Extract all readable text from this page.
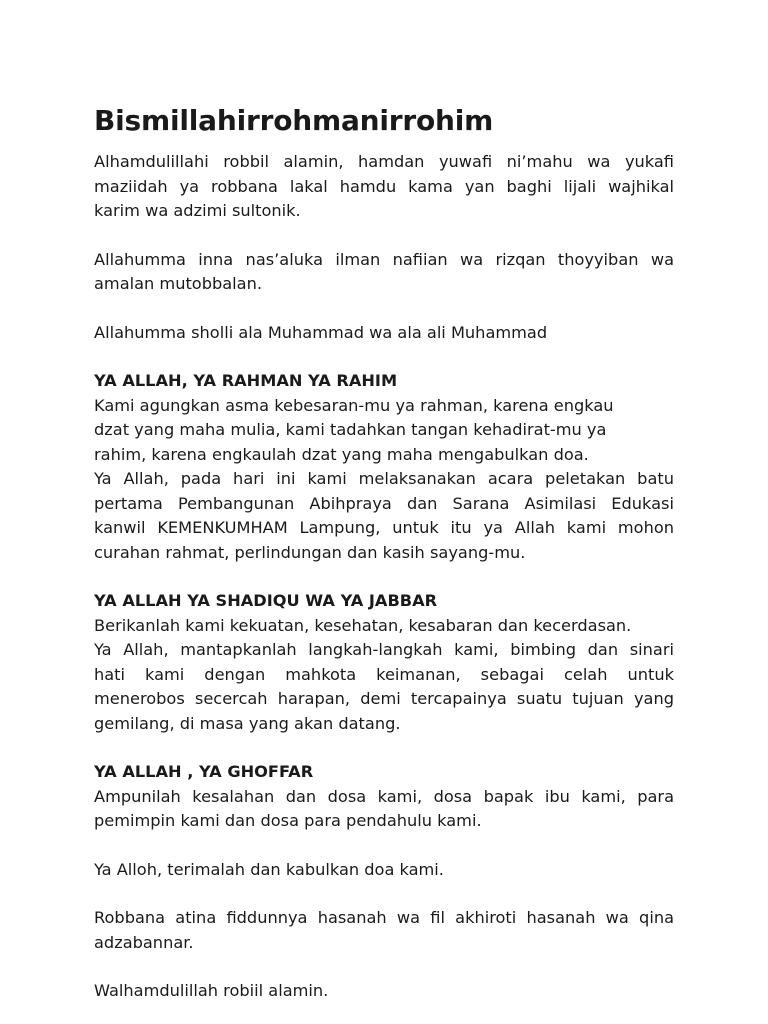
Bismillahirrohmanirrohim

Alhamdulillahi robbil alamin, hamdan yuwafi ni’mahu wa yukafi
maziidah ya robbana lakal hamdu kama yan baghi lijali wajhikal
karim wa adzimi sultonik.

Allahumma inna nas’aluka ilman nafiian wa rizqan thoyyiban wa
amalan mutobbalan.

Allahumma sholli ala Muhammad wa ala ali Muhammad

YA ALLAH, YA RAHMAN YA RAHIM

Kami agungkan asma kebesaran-mu ya rahman, karena engkau
dzat yang maha mulia, kami tadahkan tangan kehadirat-mu ya
rahim, karena engkaulah dzat yang maha mengabulkan doa.
Ya Allah, pada hari ini kami melaksanakan acara peletakan batu
pertama Pembangunan Abihpraya dan Sarana Asimilasi Edukasi
kanwil KEMENKUMHAM Lampung, untuk itu ya Allah kami mohon
curahan rahmat, perlindungan dan kasih sayang-mu.

YA ALLAH YA SHADIQU WA YA JABBAR

Berikanlah kami kekuatan, kesehatan, kesabaran dan kecerdasan.
Ya Allah, mantapkanlah langkah-langkah kami, bimbing dan sinari
hati kami dengan mahkota keimanan, sebagai celah untuk
menerobos secercah harapan, demi tercapainya suatu tujuan yang
gemilang, di masa yang akan datang.

YA ALLAH , YA GHOFFAR

Ampunilah kesalahan dan dosa kami, dosa bapak ibu kami, para
pemimpin kami dan dosa para pendahulu kami.

Ya Alloh, terimalah dan kabulkan doa kami.

Robbana atina fiddunnya hasanah wa fil akhiroti hasanah wa qina
adzabannar.

Walhamdulillah robiil alamin.
